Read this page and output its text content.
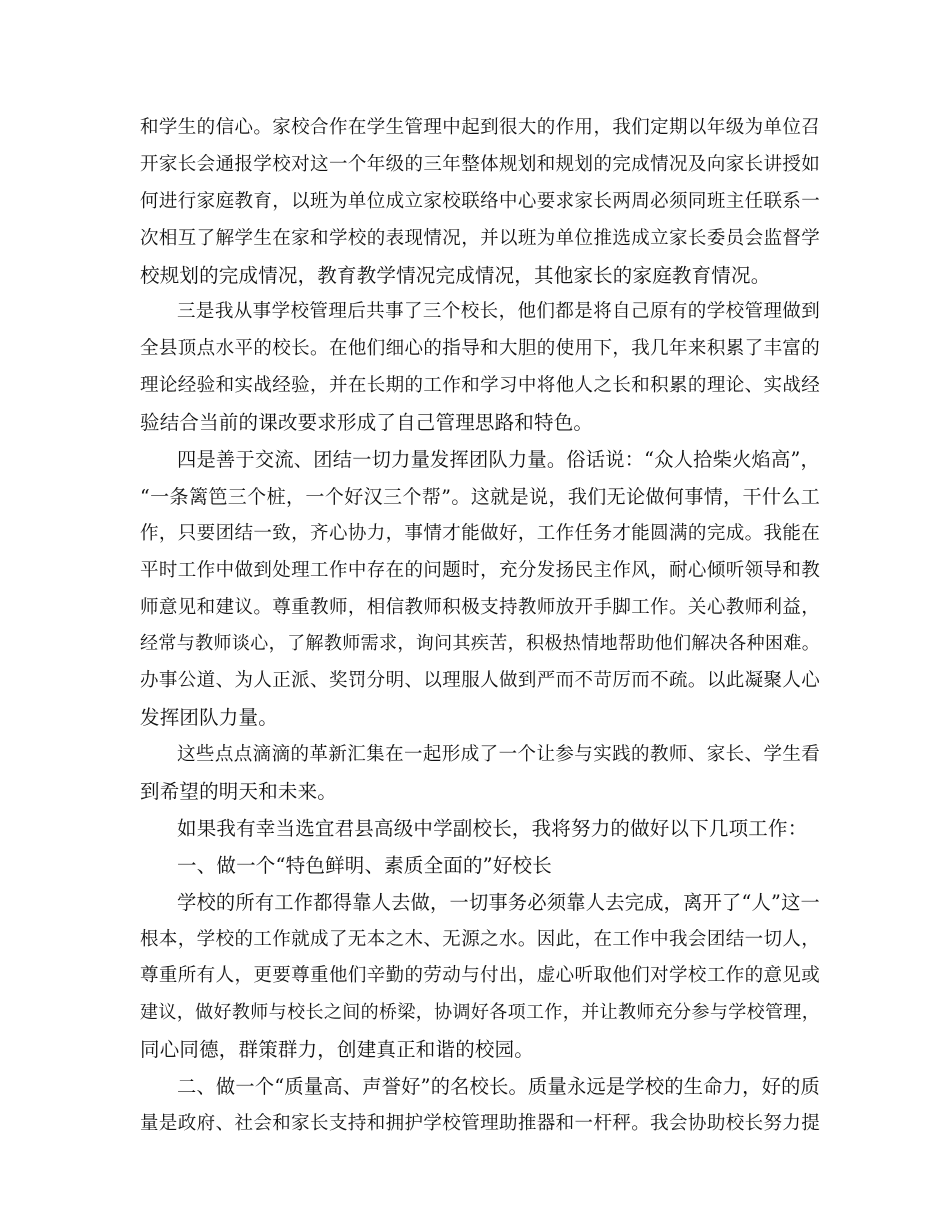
和学生的信心。家校合作在学生管理中起到很大的作用，我们定期以年级为单位召
开家长会通报学校对这一个年级的三年整体规划和规划的完成情况及向家长讲授如
何进行家庭教育，以班为单位成立家校联络中心要求家长两周必须同班主任联系一
次相互了解学生在家和学校的表现情况，并以班为单位推选成立家长委员会监督学
校规划的完成情况，教育教学情况完成情况，其他家长的家庭教育情况。
三是我从事学校管理后共事了三个校长，他们都是将自己原有的学校管理做到
全县顶点水平的校长。在他们细心的指导和大胆的使用下，我几年来积累了丰富的
理论经验和实战经验，并在长期的工作和学习中将他人之长和积累的理论、实战经
验结合当前的课改要求形成了自己管理思路和特色。
四是善于交流、团结一切力量发挥团队力量。俗话说：“众人拾柴火焰高”，
“一条篱笆三个桩，一个好汉三个帮”。这就是说，我们无论做何事情，干什么工
作，只要团结一致，齐心协力，事情才能做好，工作任务才能圆满的完成。我能在
平时工作中做到处理工作中存在的问题时，充分发扬民主作风，耐心倾听领导和教
师意见和建议。尊重教师，相信教师积极支持教师放开手脚工作。关心教师利益，
经常与教师谈心，了解教师需求，询问其疾苦，积极热情地帮助他们解决各种困难。
办事公道、为人正派、奖罚分明、以理服人做到严而不苛厉而不疏。以此凝聚人心
发挥团队力量。
这些点点滴滴的革新汇集在一起形成了一个让参与实践的教师、家长、学生看
到希望的明天和未来。
如果我有幸当选宜君县高级中学副校长，我将努力的做好以下几项工作：
一、做一个“特色鲜明、素质全面的”好校长
学校的所有工作都得靠人去做，一切事务必须靠人去完成，离开了“人”这一
根本，学校的工作就成了无本之木、无源之水。因此，在工作中我会团结一切人，
尊重所有人，更要尊重他们辛勤的劳动与付出，虚心听取他们对学校工作的意见或
建议，做好教师与校长之间的桥梁，协调好各项工作，并让教师充分参与学校管理，
同心同德，群策群力，创建真正和谐的校园。
二、做一个“质量高、声誉好”的名校长。质量永远是学校的生命力，好的质
量是政府、社会和家长支持和拥护学校管理助推器和一杆秤。我会协助校长努力提
